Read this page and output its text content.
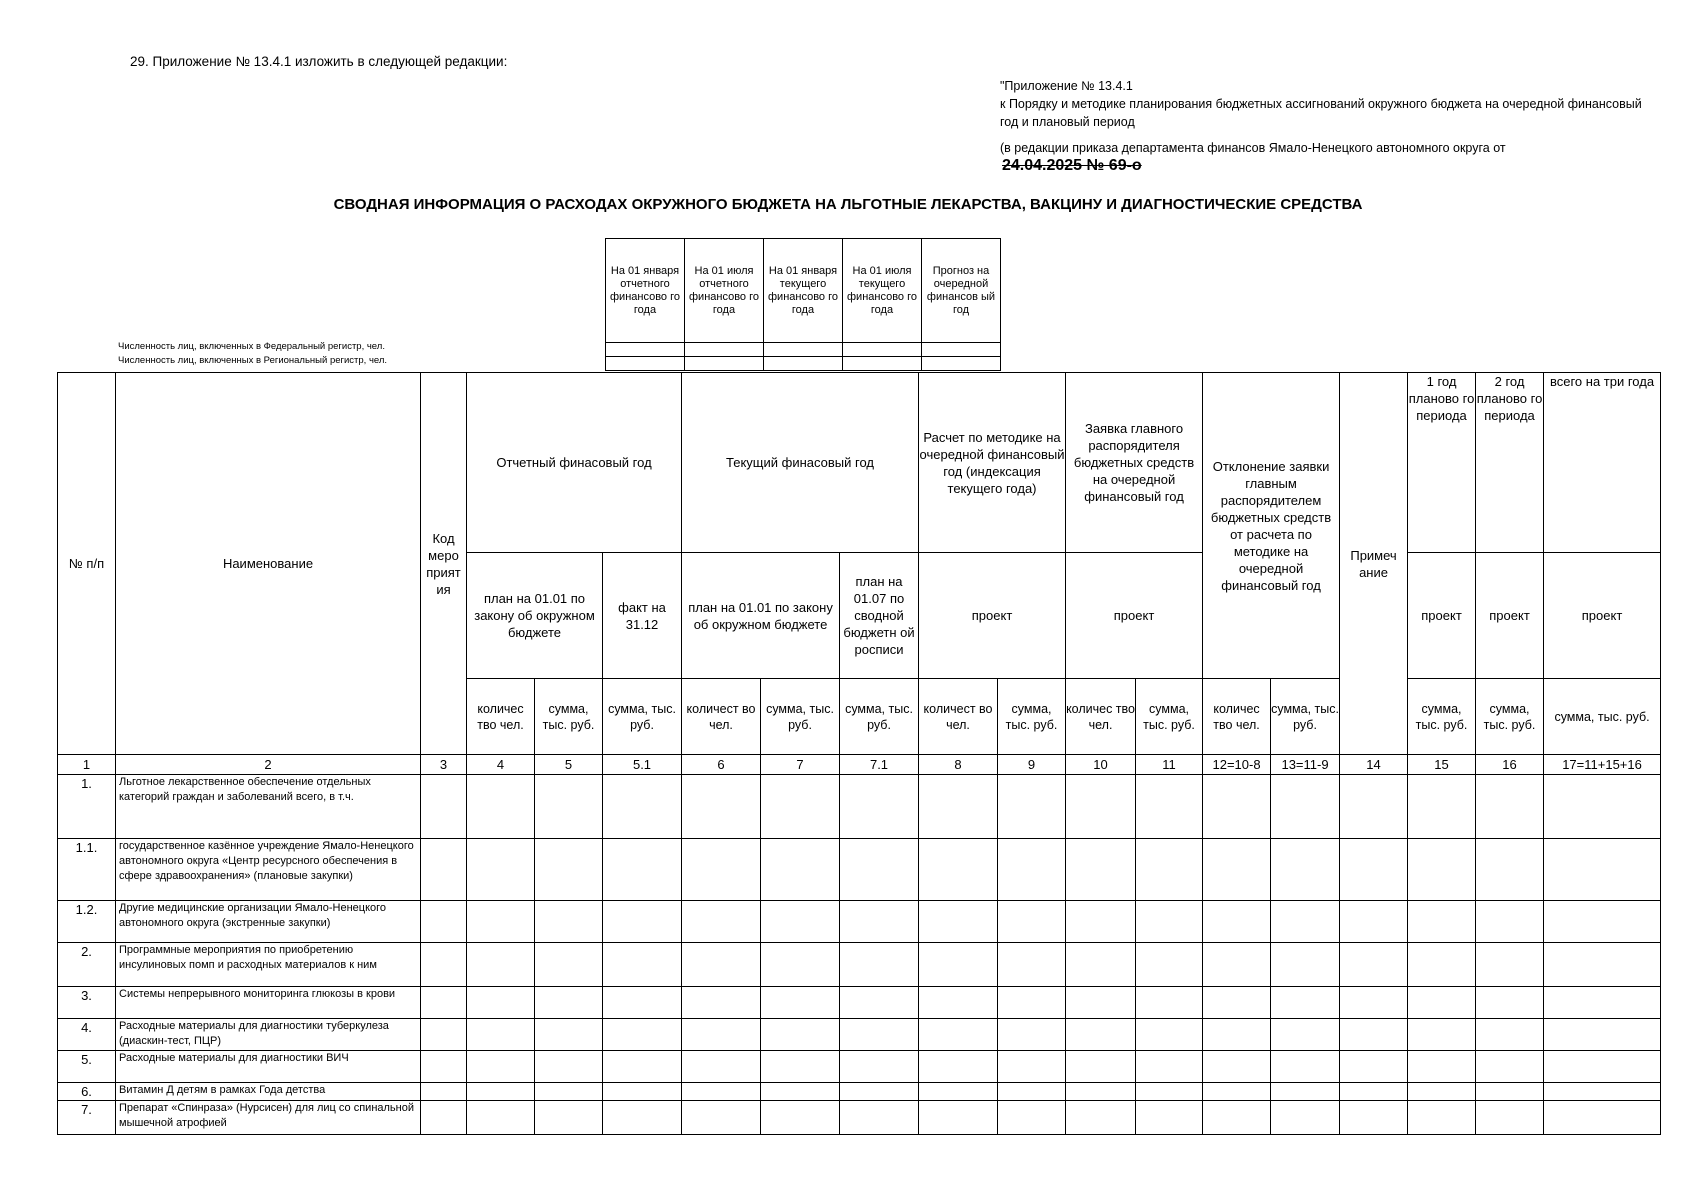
29. Приложение № 13.4.1 изложить в следующей редакции:

"Приложение № 13.4.1

к Порядку и методике планирования бюджетных ассигнований окружного бюджета на очередной финансовый год и плановый период

(в редакции приказа департамента финансов Ямало-Ненецкого автономного округа от

24.04.2025 № 69-о

СВОДНАЯ ИНФОРМАЦИЯ О РАСХОДАХ ОКРУЖНОГО БЮДЖЕТА НА ЛЬГОТНЫЕ ЛЕКАРСТВА, ВАКЦИНУ И ДИАГНОСТИЧЕСКИЕ СРЕДСТВА
На 01 января отчетного финансово го года	На 01 июля отчетного финансово го года	На 01 января текущего финансово го года	На 01 июля текущего финансово го года	Прогноз на очередной финансов ый год

Численность лиц, включенных в Федеральный регистр, чел.
Численность лиц, включенных в Региональный регистр, чел.
№ п/п	Наименование	Код меро прият ия	Отчетный финасовый год			Текущий финасовый год			Расчет по методике на очередной финансовый год (индексация текущего года)		Заявка главного распорядителя бюджетных средств на очередной финансовый год		Отклонение заявки главным распорядителем бюджетных средств от расчета по методике на очередной финансовый год		Примеч ание	1 год планово го периода	2 год планово го периода	всего на три года
			план на 01.01 по закону об окружном бюджете		факт на 31.12	план на 01.01 по закону об окружном бюджете		план на 01.07 по сводной бюджетн ой росписи	проект		проект					проект	проект	проект
			количес тво чел.	сумма, тыс. руб.	сумма, тыс. руб.	количест во чел.	сумма, тыс. руб.	сумма, тыс. руб.	количест во чел.	сумма, тыс. руб.	количес тво чел.	сумма, тыс. руб.	количес тво чел.	сумма, тыс. руб.		сумма, тыс. руб.	сумма, тыс. руб.	сумма, тыс. руб.
1	2	3	4	5	5.1	6	7	7.1	8	9	10	11	12=10-8	13=11-9	14	15	16	17=11+15+16
1.	Льготное лекарственное обеспечение отдельных категорий граждан и заболеваний всего, в т.ч.																	
1.1.	государственное казённое учреждение Ямало-Ненецкого автономного округа «Центр ресурсного обеспечения в сфере здравоохранения» (плановые закупки)																	
1.2.	Другие медицинские организации Ямало-Ненецкого автономного округа (экстренные закупки)																	
2.	Программные мероприятия по приобретению инсулиновых помп и расходных материалов к ним																	
3.	Системы непрерывного мониторинга глюкозы в крови																	
4.	Расходные материалы для диагностики туберкулеза (диаскин-тест, ПЦР)																	
5.	Расходные материалы для диагностики ВИЧ																	
6.	Витамин Д детям в рамках Года детства																	
7.	Препарат «Спинраза» (Нурсисен) для лиц со спинальной мышечной атрофией																	
